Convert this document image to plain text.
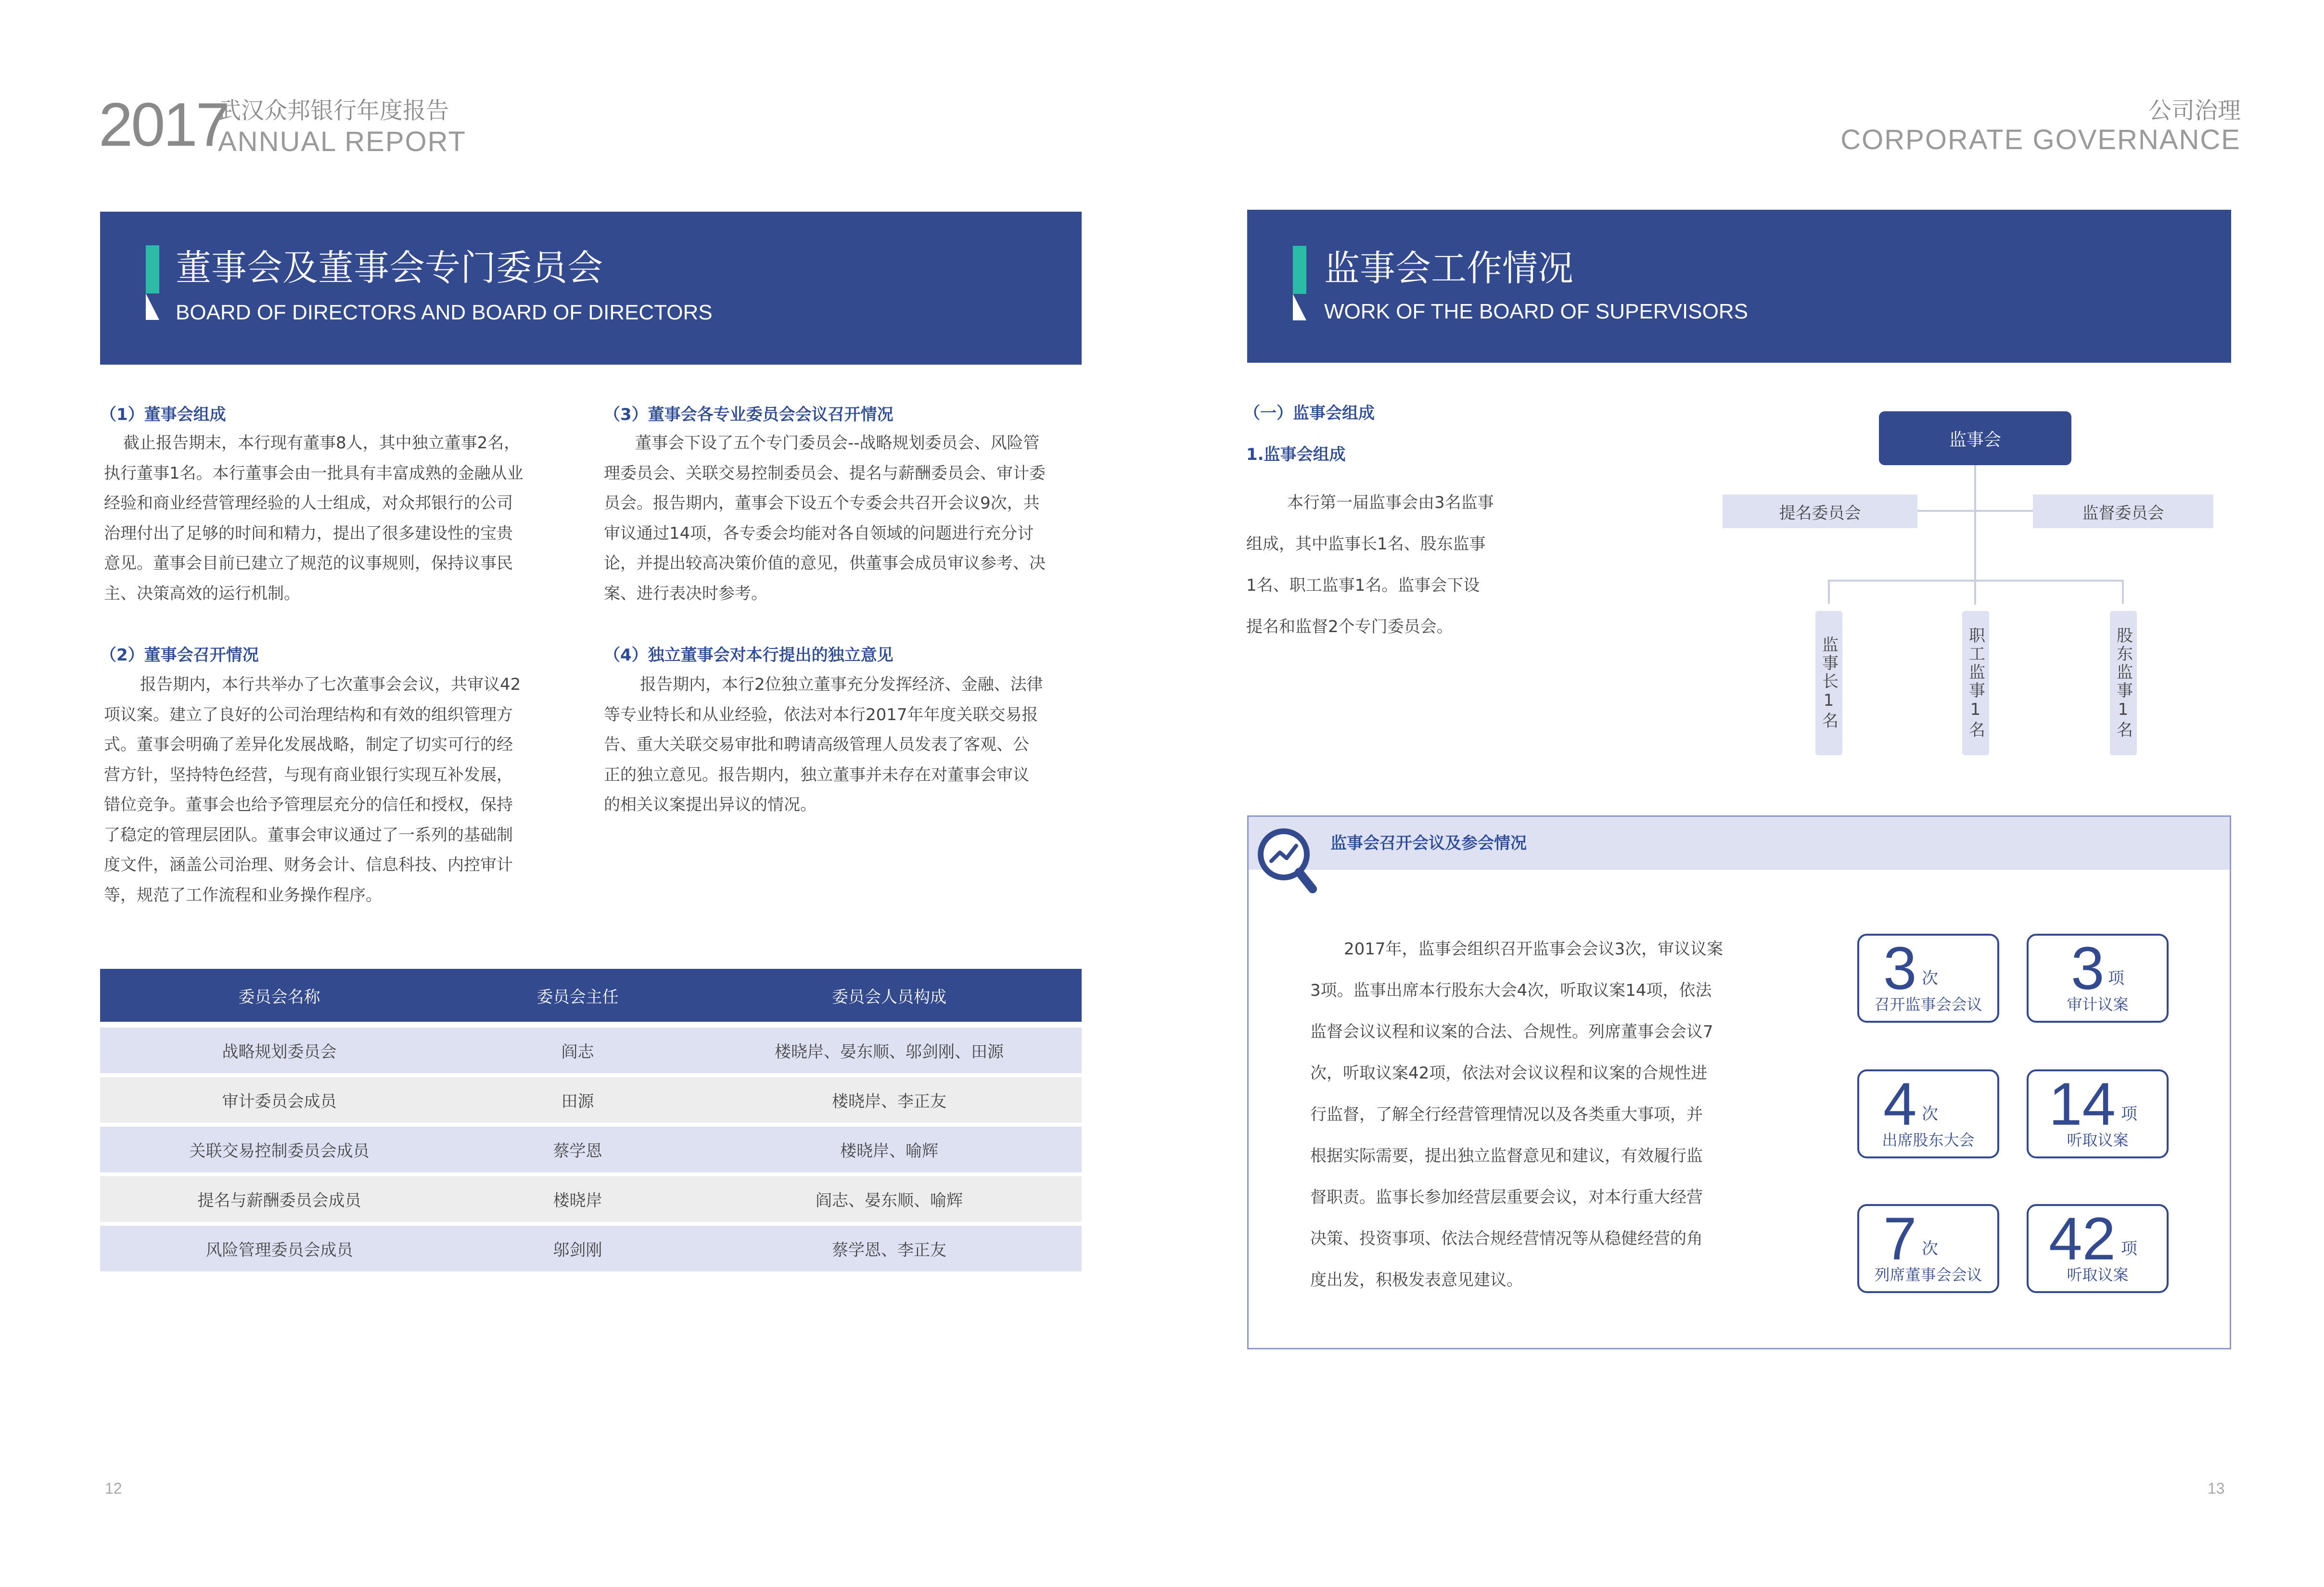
2017
武汉众邦银行年度报告
ANNUAL REPORT
公司治理
CORPORATE GOVERNANCE
董事会及董事会专门委员会
BOARD OF DIRECTORS AND BOARD OF DIRECTORS
（1）董事会组成
截止报告期末，本行现有董事8人，其中独立董事2名，
执行董事1名。本行董事会由一批具有丰富成熟的金融从业
经验和商业经营管理经验的人士组成，对众邦银行的公司
治理付出了足够的时间和精力，提出了很多建设性的宝贵
意见。董事会目前已建立了规范的议事规则，保持议事民
主、决策高效的运行机制。
（2）董事会召开情况
报告期内，本行共举办了七次董事会会议，共审议42
项议案。建立了良好的公司治理结构和有效的组织管理方
式。董事会明确了差异化发展战略，制定了切实可行的经
营方针，坚持特色经营，与现有商业银行实现互补发展，
错位竞争。董事会也给予管理层充分的信任和授权，保持
了稳定的管理层团队。董事会审议通过了一系列的基础制
度文件，涵盖公司治理、财务会计、信息科技、内控审计
等，规范了工作流程和业务操作程序。
（3）董事会各专业委员会会议召开情况
董事会下设了五个专门委员会--战略规划委员会、风险管
理委员会、关联交易控制委员会、提名与薪酬委员会、审计委
员会。报告期内，董事会下设五个专委会共召开会议9次，共
审议通过14项，各专委会均能对各自领域的问题进行充分讨
论，并提出较高决策价值的意见，供董事会成员审议参考、决
案、进行表决时参考。
（4）独立董事会对本行提出的独立意见
报告期内，本行2位独立董事充分发挥经济、金融、法律
等专业特长和从业经验，依法对本行2017年年度关联交易报
告、重大关联交易审批和聘请高级管理人员发表了客观、公
正的独立意见。报告期内，独立董事并未存在对董事会审议
的相关议案提出异议的情况。
委员会名称	委员会主任	委员会人员构成
战略规划委员会	阎志	楼晓岸、晏东顺、邬剑刚、田源
审计委员会成员	田源	楼晓岸、李正友
关联交易控制委员会成员	蔡学恩	楼晓岸、喻辉
提名与薪酬委员会成员	楼晓岸	阎志、晏东顺、喻辉
风险管理委员会成员	邬剑刚	蔡学恩、李正友
12
监事会工作情况
WORK OF THE BOARD OF SUPERVISORS
（一）监事会组成
1.监事会组成
本行第一届监事会由3名监事
组成，其中监事长1名、股东监事
1名、职工监事1名。监事会下设
提名和监督2个专门委员会。
监事会
提名委员会	监督委员会
监事长1名	职工监事1名	股东监事1名
监事会召开会议及参会情况
2017年，监事会组织召开监事会会议3次，审议议案
3项。监事出席本行股东大会4次，听取议案14项，依法
监督会议议程和议案的合法、合规性。列席董事会会议7
次，听取议案42项，依法对会议议程和议案的合规性进
行监督，了解全行经营管理情况以及各类重大事项，并
根据实际需要，提出独立监督意见和建议，有效履行监
督职责。监事长参加经营层重要会议，对本行重大经营
决策、投资事项、依法合规经营情况等从稳健经营的角
度出发，积极发表意见建议。
3 次
召开监事会会议
3 项
审计议案
4 次
出席股东大会
14 项
听取议案
7 次
列席董事会会议
42 项
听取议案
13
